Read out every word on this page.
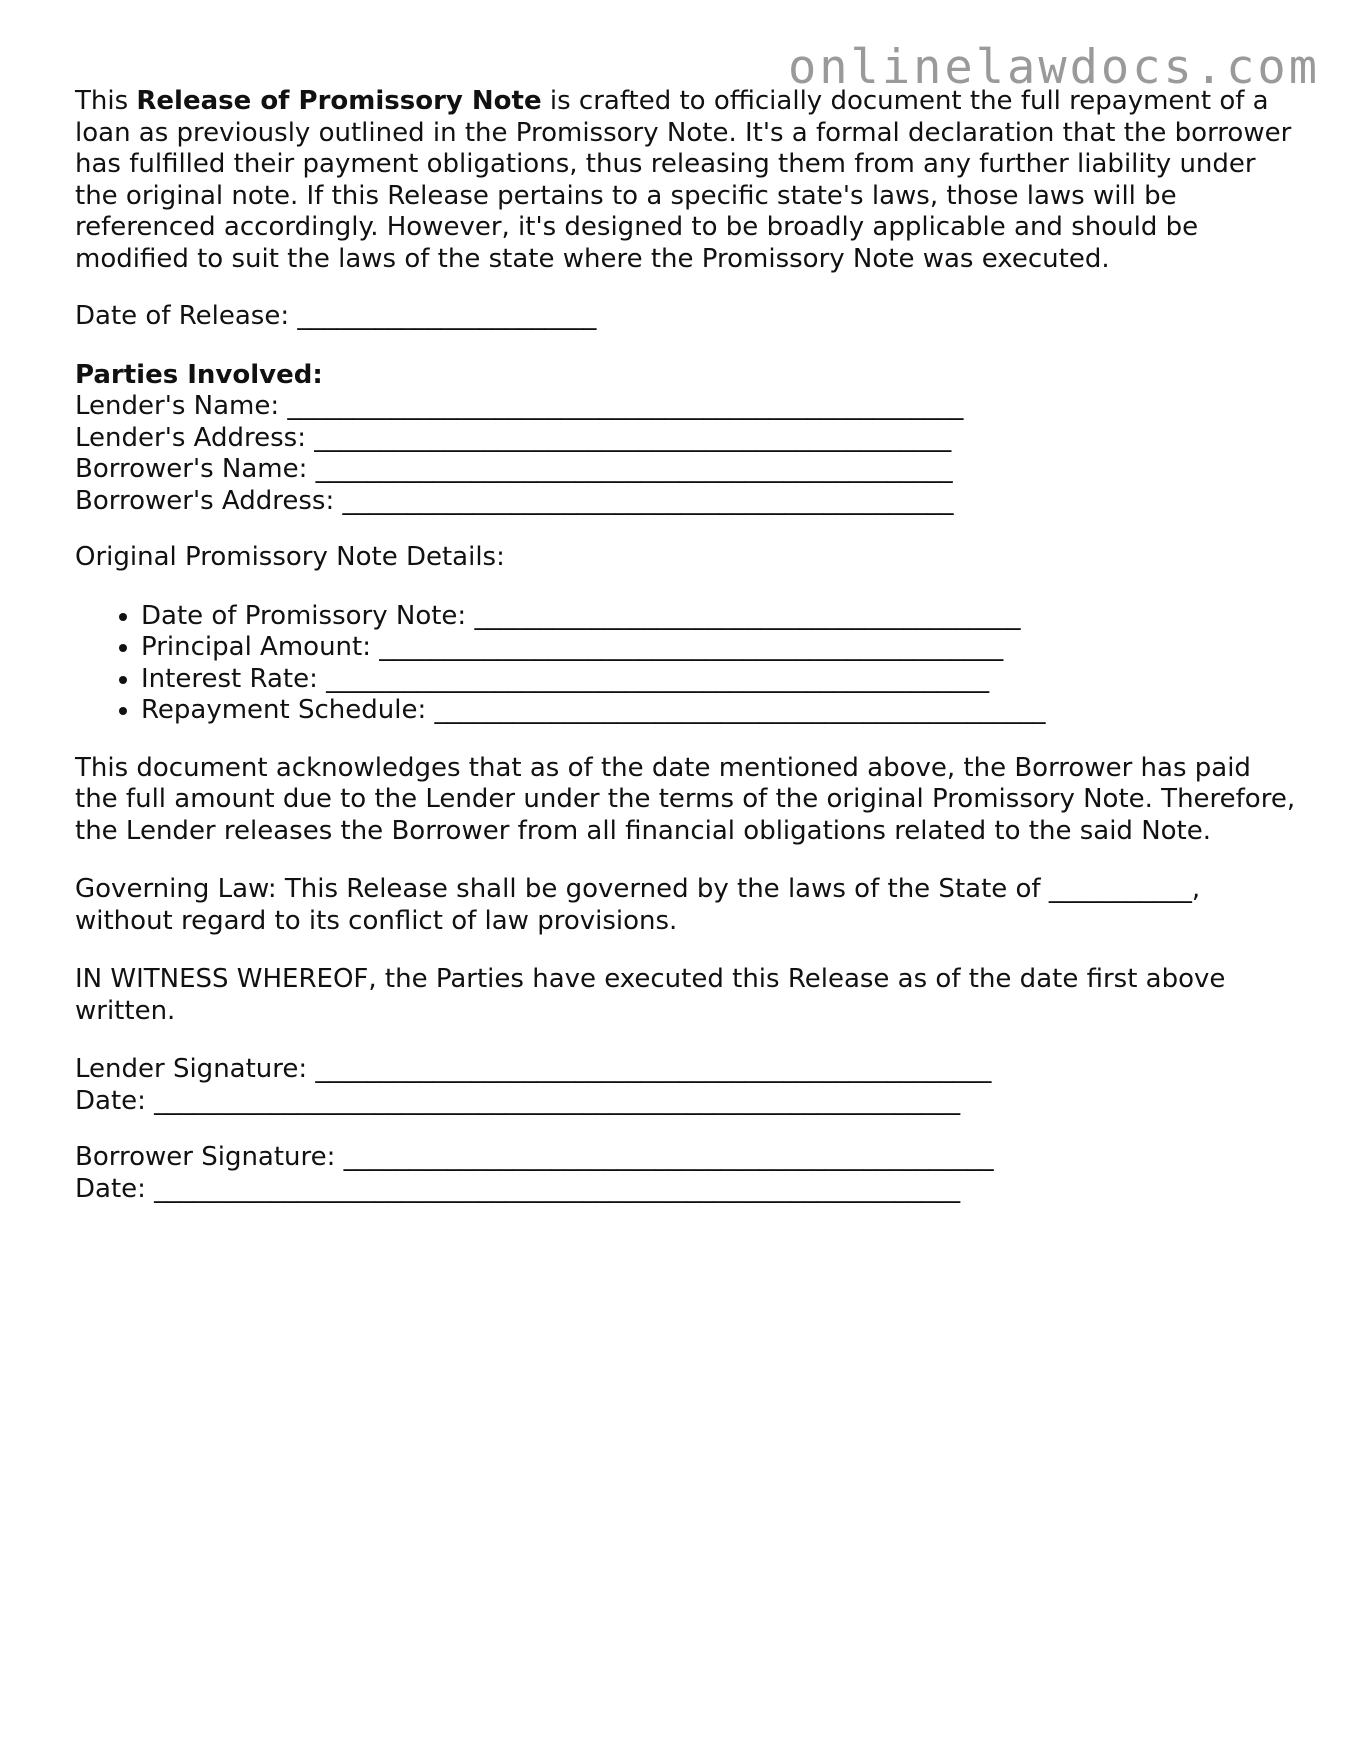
onlinelawdocs.com

This Release of Promissory Note is crafted to officially document the full repayment of a loan as previously outlined in the Promissory Note. It's a formal declaration that the borrower has fulfilled their payment obligations, thus releasing them from any further liability under the original note. If this Release pertains to a specific state's laws, those laws will be referenced accordingly. However, it's designed to be broadly applicable and should be modified to suit the laws of the state where the Promissory Note was executed.

Date of Release: _______________________

Parties Involved:
Lender's Name: ____________________________________________________
Lender's Address: _________________________________________________
Borrower's Name: _________________________________________________
Borrower's Address: _______________________________________________

Original Promissory Note Details:

• Date of Promissory Note: __________________________________________
• Principal Amount: ________________________________________________
• Interest Rate: ___________________________________________________
• Repayment Schedule: _______________________________________________

This document acknowledges that as of the date mentioned above, the Borrower has paid the full amount due to the Lender under the terms of the original Promissory Note. Therefore, the Lender releases the Borrower from all financial obligations related to the said Note.

Governing Law: This Release shall be governed by the laws of the State of ___________, without regard to its conflict of law provisions.

IN WITNESS WHEREOF, the Parties have executed this Release as of the date first above written.

Lender Signature: ____________________________________________________
Date: ______________________________________________________________
Borrower Signature: __________________________________________________
Date: ______________________________________________________________
